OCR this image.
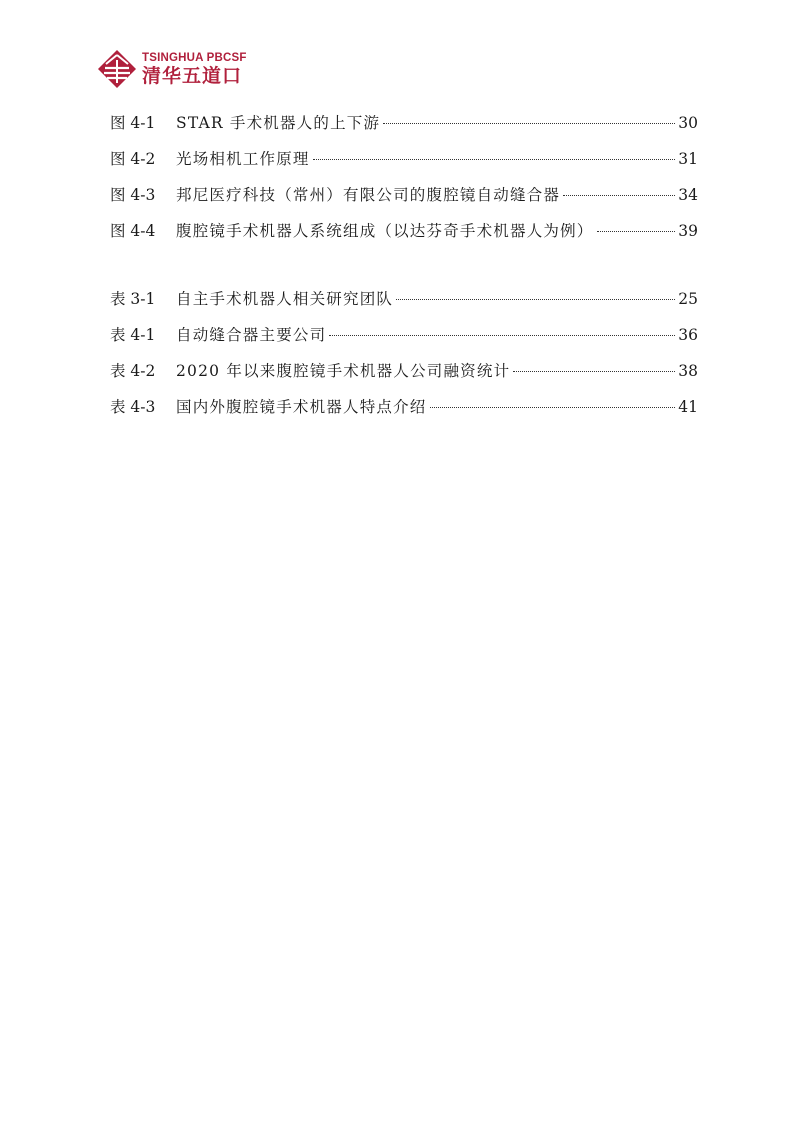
TSINGHUA PBCSF
清华五道口
图 4-1	STAR 手术机器人的上下游	30
图 4-2	光场相机工作原理	31
图 4-3	邦尼医疗科技（常州）有限公司的腹腔镜自动缝合器	34
图 4-4	腹腔镜手术机器人系统组成（以达芬奇手术机器人为例）	39
表 3-1	自主手术机器人相关研究团队	25
表 4-1	自动缝合器主要公司	36
表 4-2	2020 年以来腹腔镜手术机器人公司融资统计	38
表 4-3	国内外腹腔镜手术机器人特点介绍	41
